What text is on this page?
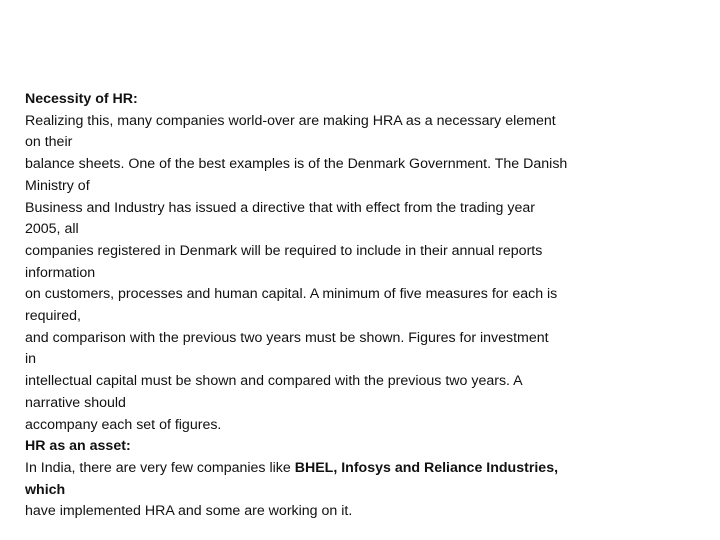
Necessity of HR:
Realizing this, many companies world-over are making HRA as a necessary element
on their
balance sheets. One of the best examples is of the Denmark Government. The Danish
Ministry of
Business and Industry has issued a directive that with effect from the trading year
2005, all
companies registered in Denmark will be required to include in their annual reports
information
on customers, processes and human capital. A minimum of five measures for each is
required,
and comparison with the previous two years must be shown. Figures for investment
in
intellectual capital must be shown and compared with the previous two years. A
narrative should
accompany each set of figures.
HR as an asset:
In India, there are very few companies like BHEL, Infosys and Reliance Industries,
which
have implemented HRA and some are working on it.
